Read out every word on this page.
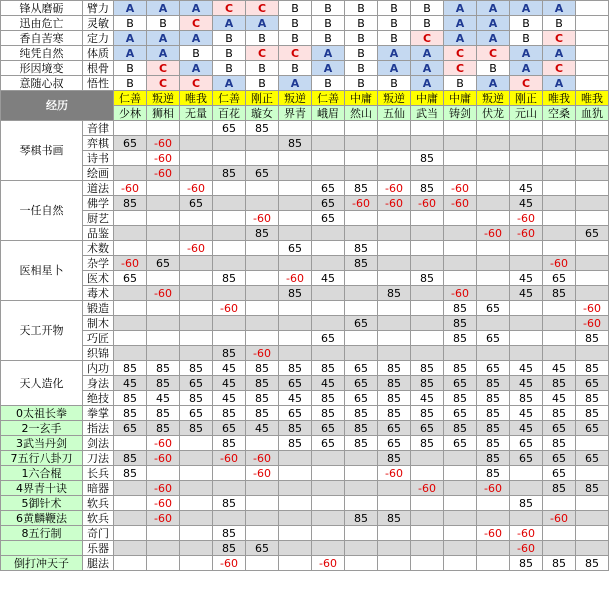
锋从磨砺	臂力	A	A	A	C	C	B	B	B	B	B	A	A	A	A	
迅由危亡	灵敏	B	B	C	A	A	B	B	B	B	B	A	A	B	B	
香自苦寒	定力	A	A	A	B	B	B	B	B	B	C	A	A	B	C	
纯凭自然	体质	A	A	B	B	C	C	A	B	A	A	C	C	A	A	
形因境变	根骨	B	C	A	B	B	B	A	B	A	A	C	B	A	C	
意随心叔	悟性	B	C	C	A	B	A	B	B	B	A	B	A	C	A	
经历		仁善	叛逆	唯我	仁善	刚正	叛逆	仁善	中庸	叛逆	中庸	中庸	叛逆	刚正	唯我	唯我
		少林	狮相	无量	百花	璇女	界青	峨眉	然山	五仙	武当	铸剑	伏龙	元山	空桑	血犰
琴棋书画	音律				65	85										
	弈棋	65	-60				85									
	诗书		-60								85					
	绘画		-60		85	65										
一任自然	道法	-60		-60				65	85	-60	85	-60		45		
	佛学	85		65				65	-60	-60	-60	-60		45		
	厨艺					-60		65						-60		
	品鉴					85							-60	-60		65
医相星卜	术数			-60			65		85							
	杂学	-60	65						85						-60	
	医术	65			85		-60	45			85			45	65	
	毒术		-60				85			85		-60		45	85	
天工开物	锻造				-60							85	65			-60
	制木								65			85				-60
	巧匠							65				85	65			85
	织锦				85	-60										
天人造化	内功	85	85	85	45	85	85	85	65	85	85	85	65	45	45	85
	身法	45	85	65	45	85	65	45	65	85	85	65	85	45	85	65
	绝技	85	45	85	45	85	45	85	65	85	45	85	85	85	45	85
0太祖长拳	拳掌	85	85	65	85	85	65	85	85	85	85	65	85	45	85	85
2一玄手	指法	65	85	85	65	45	85	65	85	65	65	85	85	45	65	65
3武当丹剑	剑法		-60		85		85	65	85	65	85	65	85	65	85	
7五行八卦刀	刀法	85	-60		-60	-60				85			85	65	65	65
1六合棍	长兵	85				-60				-60			85		65	
4界青十诀	暗器		-60								-60		-60		85	85
5御针术	软兵		-60		85									85		
6黄麟鞭法	软兵		-60						85	85					-60	
8五行制	奇门				85								-60	-60		
	乐器				85	65								-60		
倒打冲天子	腿法				-60			-60						85	85	85
